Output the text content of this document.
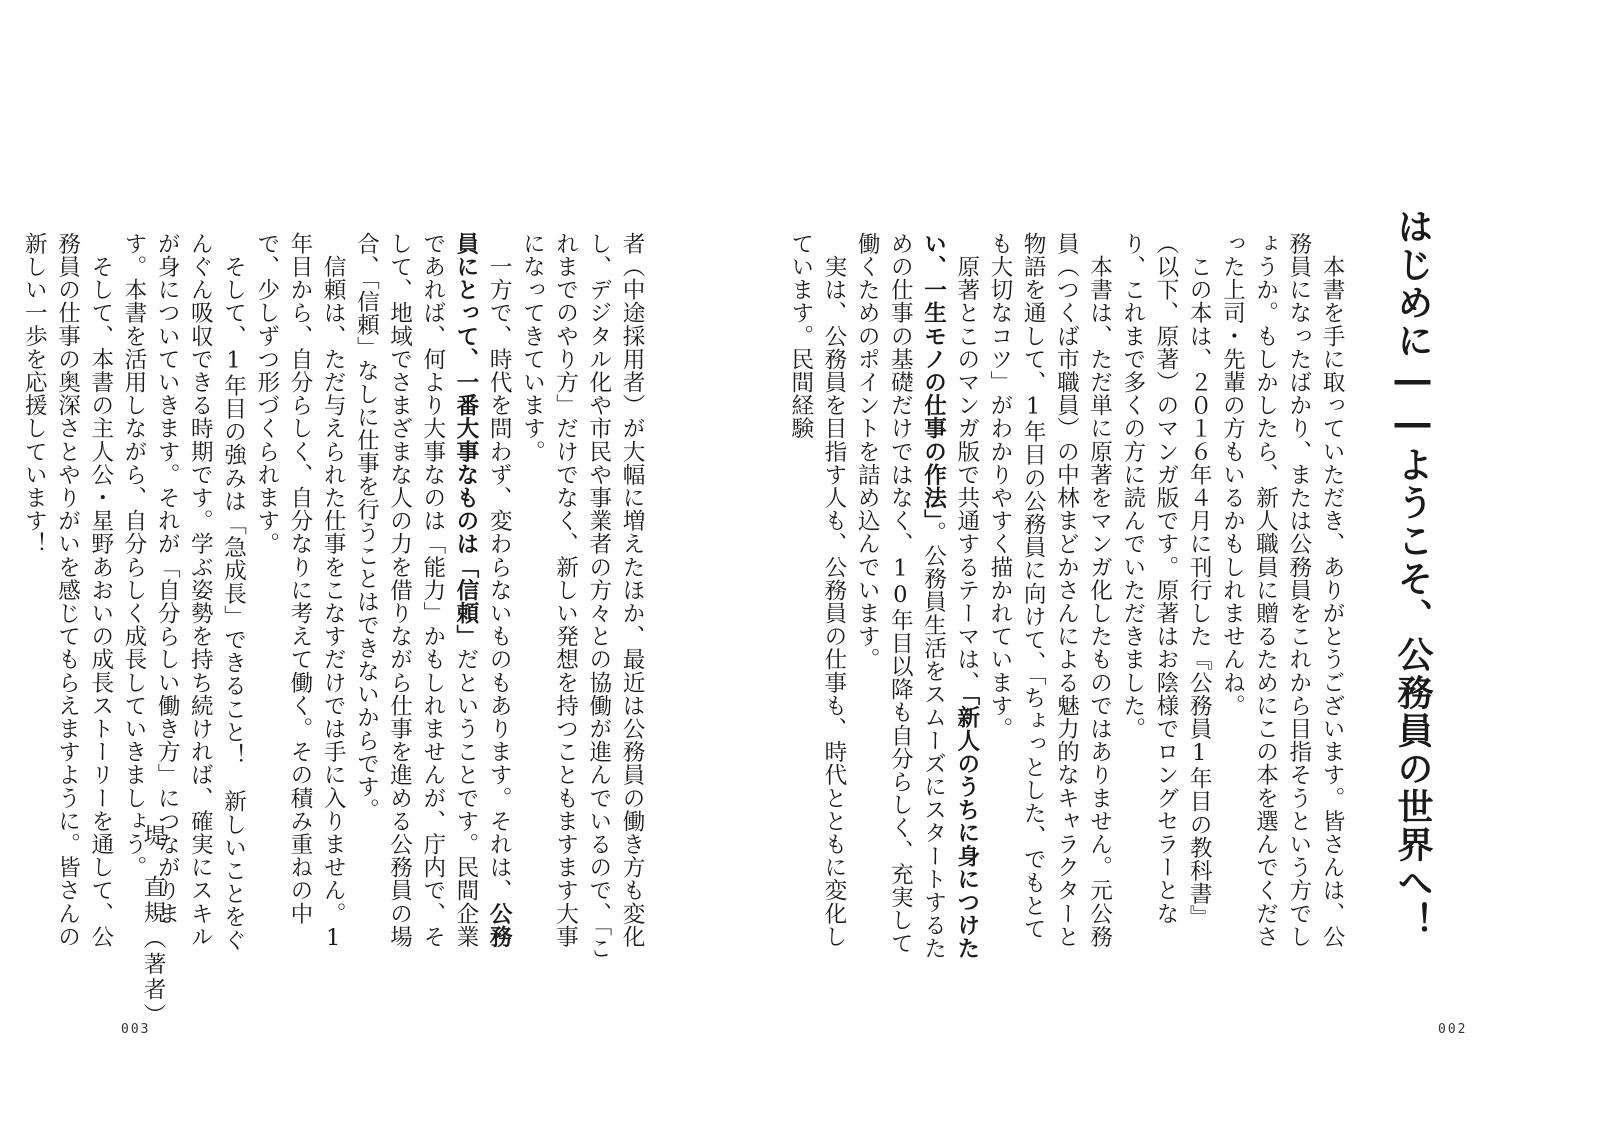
者（中途採用者）が大幅に増えたほか、最近は公務員の働き方も変化し、デジタル化や市民や事業者の方々との協働が進んでいるので、「これまでのやり方」だけでなく、新しい発想を持つこともますます大事になってきています。
　一方で、時代を問わず、変わらないものもあります。それは、公務員にとって、一番大事なものは「信頼」だということです。民間企業であれば、何より大事なのは「能力」かもしれませんが、庁内で、そして、地域でさまざまな人の力を借りながら仕事を進める公務員の場合、「信頼」なしに仕事を行うことはできないからです。
　信頼は、ただ与えられた仕事をこなすだけでは手に入りません。1年目から、自分らしく、自分なりに考えて働く。その積み重ねの中で、少しずつ形づくられます。
　そして、1年目の強みは「急成長」できること！　新しいことをぐんぐん吸収できる時期です。学ぶ姿勢を持ち続ければ、確実にスキルが身についていきます。それが「自分らしい働き方」につながります。本書を活用しながら、自分らしく成長していきましょう。
　そして、本書の主人公・星野あおいの成長ストーリーを通して、公務員の仕事の奥深さとやりがいを感じてもらえますように。皆さんの新しい一歩を応援しています！
堤　直規（著者）
003
はじめに――ようこそ、公務員の世界へ！
　本書を手に取っていただき、ありがとうございます。皆さんは、公務員になったばかり、または公務員をこれから目指そうという方でしょうか。もしかしたら、新人職員に贈るためにこの本を選んでくださった上司・先輩の方もいるかもしれませんね。
　この本は、２０１６年４月に刊行した『公務員1年目の教科書』（以下、原著）のマンガ版です。原著はお陰様でロングセラーとなり、これまで多くの方に読んでいただきました。
　本書は、ただ単に原著をマンガ化したものではありません。元公務員（つくば市職員）の中林まどかさんによる魅力的なキャラクターと物語を通して、1年目の公務員に向けて、「ちょっとした、でもとても大切なコツ」がわかりやすく描かれています。
　原著とこのマンガ版で共通するテーマは、「新人のうちに身につけたい、一生モノの仕事の作法」。公務員生活をスムーズにスタートするための仕事の基礎だけではなく、10年目以降も自分らしく、充実して働くためのポイントを詰め込んでいます。
　実は、公務員を目指す人も、公務員の仕事も、時代とともに変化しています。民間経験
002
